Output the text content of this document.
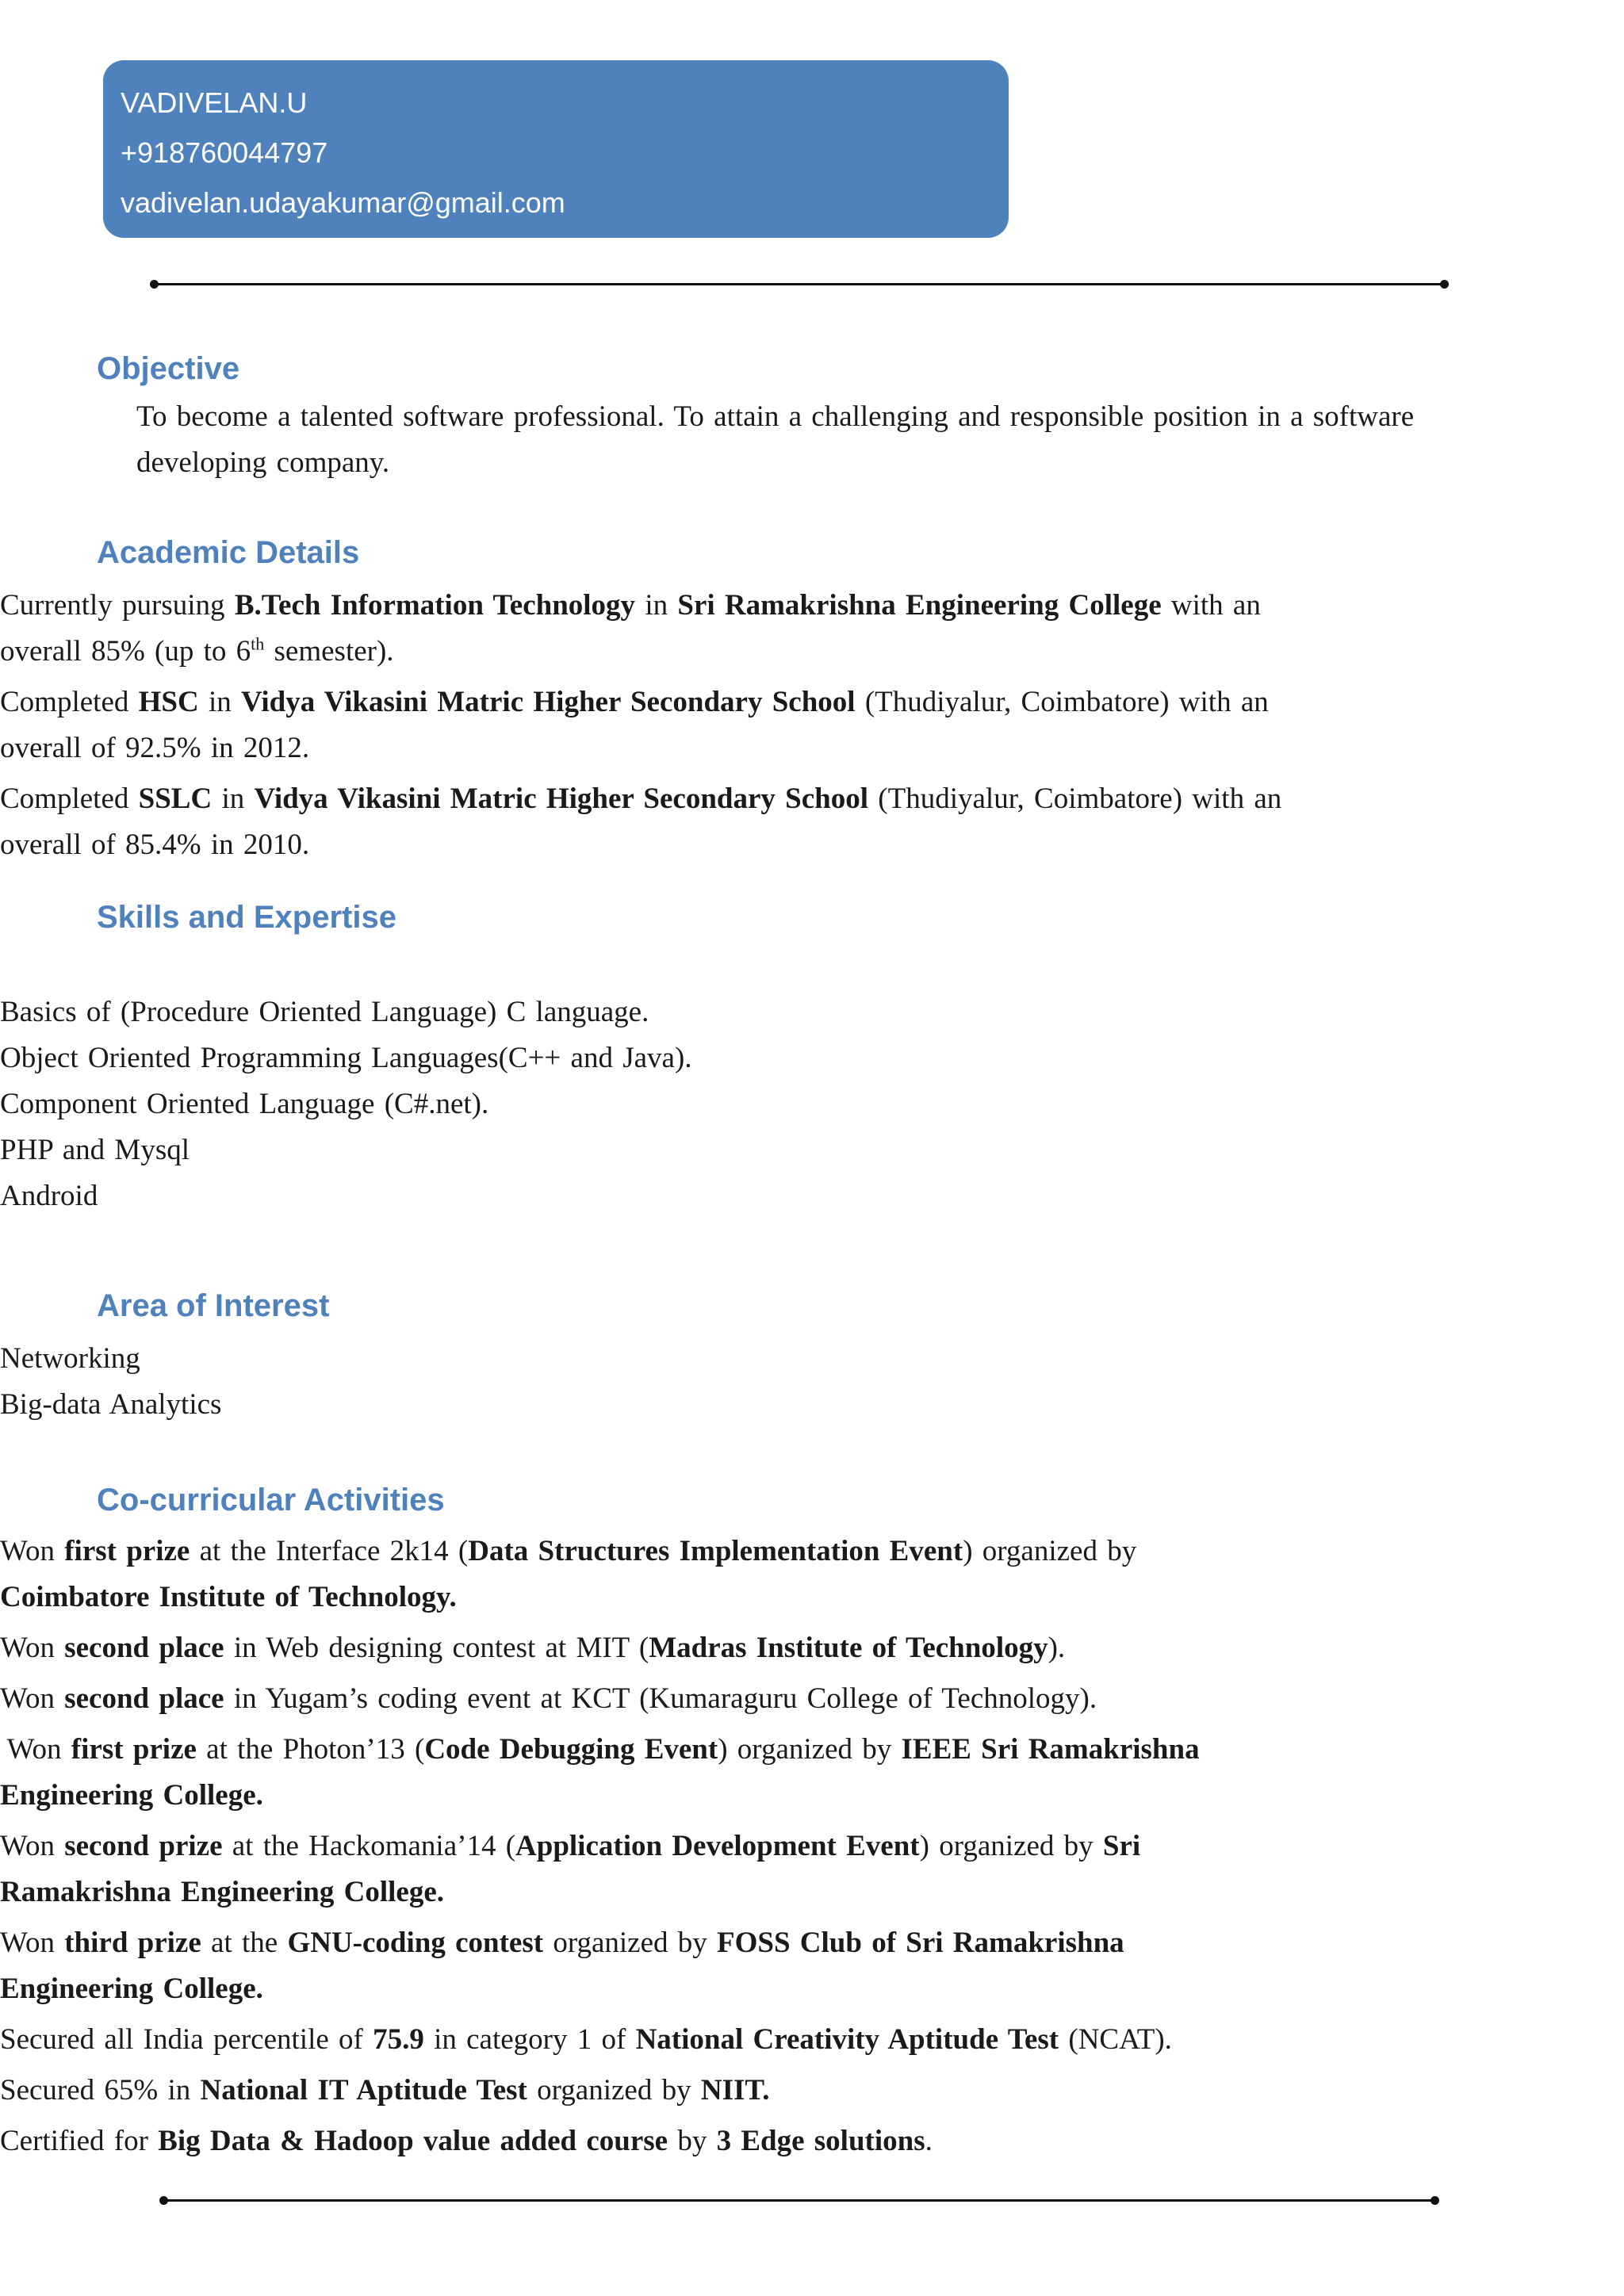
VADIVELAN.U
+918760044797
vadivelan.udayakumar@gmail.com
Objective

To become a talented software professional. To attain a challenging and responsible position in a software developing company.

Academic Details
Currently pursuing B.Tech Information Technology in Sri Ramakrishna Engineering College with an overall 85% (up to 6th semester).
Completed HSC in Vidya Vikasini Matric Higher Secondary School (Thudiyalur, Coimbatore) with an overall of 92.5% in 2012.
Completed SSLC in Vidya Vikasini Matric Higher Secondary School (Thudiyalur, Coimbatore) with an overall of 85.4% in 2010.
Skills and Expertise
Basics of (Procedure Oriented Language) C language.
Object Oriented Programming Languages(C++ and Java).
Component Oriented Language (C#.net).
PHP and Mysql
Android
Area of Interest
Networking
Big-data Analytics
Co-curricular Activities
Won first prize at the Interface 2k14 (Data Structures Implementation Event) organized by Coimbatore Institute of Technology.
Won second place in Web designing contest at MIT (Madras Institute of Technology).
Won second place in Yugam’s coding event at KCT (Kumaraguru College of Technology).
Won first prize at the Photon’13 (Code Debugging Event) organized by IEEE Sri Ramakrishna Engineering College.
Won second prize at the Hackomania’14 (Application Development Event) organized by Sri Ramakrishna Engineering College.
Won third prize at the GNU-coding contest organized by FOSS Club of Sri Ramakrishna Engineering College.
Secured all India percentile of 75.9 in category 1 of National Creativity Aptitude Test (NCAT).
Secured 65% in National IT Aptitude Test organized by NIIT.
Certified for Big Data & Hadoop value added course by 3 Edge solutions.
